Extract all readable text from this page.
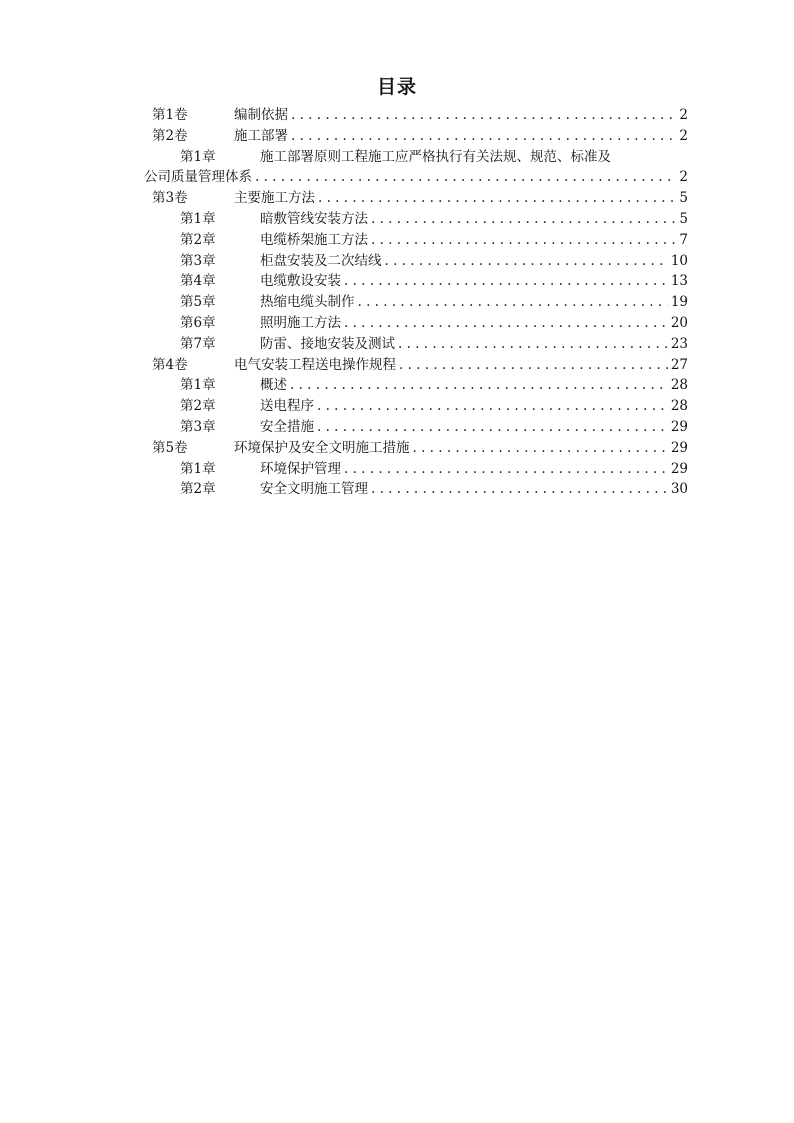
目录
第1卷	编制依据 . . .	2
第2卷	施工部署 . . .	2
第1章	施工部署原则工程施工应严格执行有关法规、规范、标准及
公司质量管理体系 . . .	2
第3卷	主要施工方法 . . .	5
第1章	暗敷管线安装方法 . . .	5
第2章	电缆桥架施工方法 . . .	7
第3章	柜盘安装及二次结线 . . .	10
第4章	电缆敷设安装 . . .	13
第5章	热缩电缆头制作 . . .	19
第6章	照明施工方法 . . .	20
第7章	防雷、接地安装及测试 . . .	23
第4卷	电气安装工程送电操作规程 . . .	27
第1章	概述 . . .	28
第2章	送电程序 . . .	28
第3章	安全措施 . . .	29
第5卷	环境保护及安全文明施工措施 . . .	29
第1章	环境保护管理 . . .	29
第2章	安全文明施工管理 . . .	30
